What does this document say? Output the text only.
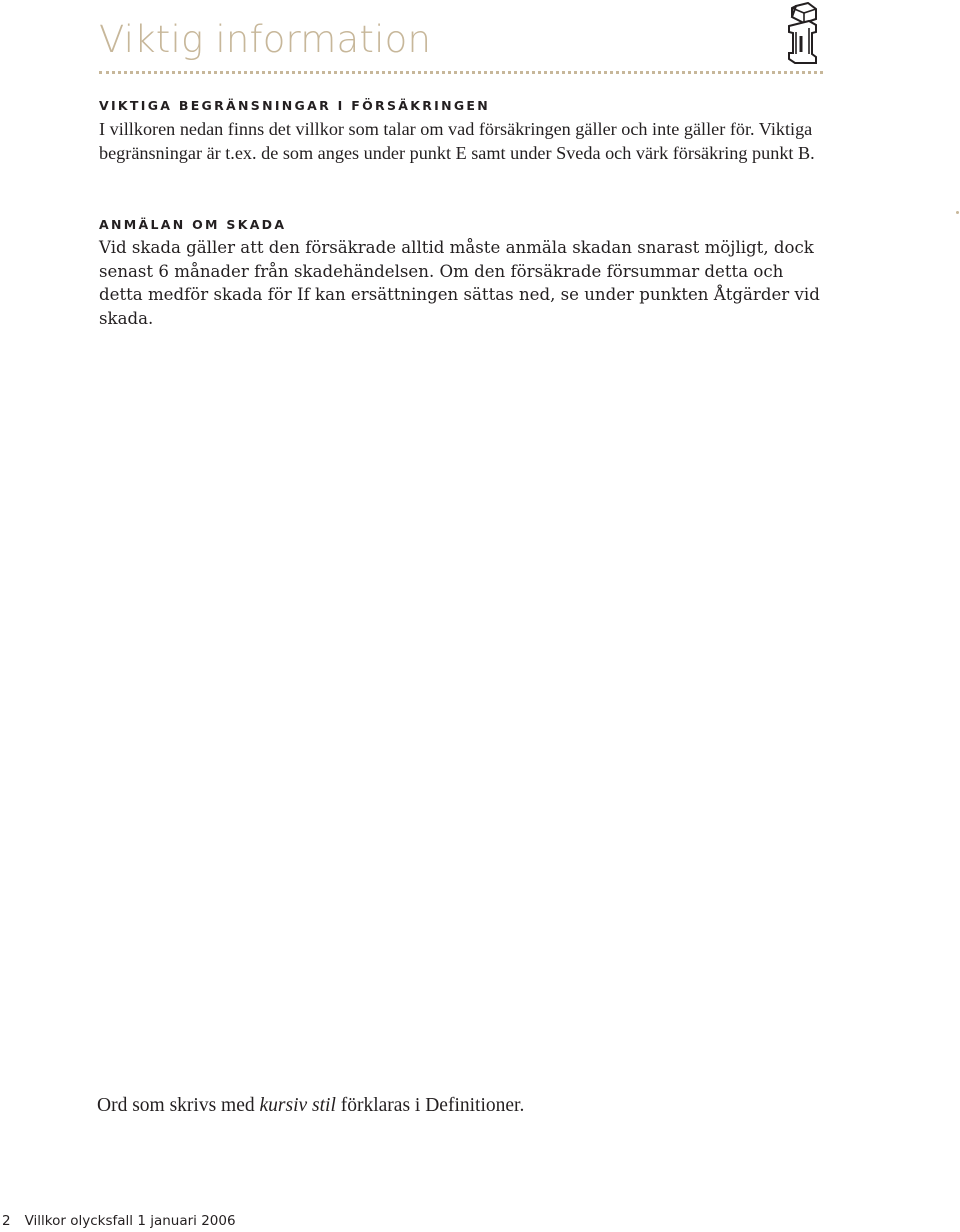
Viktig information
VIKTIGA BEGRÄNSNINGAR I FÖRSÄKRINGEN
I villkoren nedan finns det villkor som talar om vad försäkringen gäller och inte gäller för. Viktiga begränsningar är t.ex. de som anges under punkt E samt under Sveda och värk försäkring punkt B.
ANMÄLAN OM SKADA
Vid skada gäller att den försäkrade alltid måste anmäla skadan snarast möjligt, dock senast 6 månader från skadehändelsen. Om den försäkrade försummar detta och detta medför skada för If kan ersättningen sättas ned, se under punkten Åtgärder vid skada.
Ord som skrivs med kursiv stil förklaras i Definitioner.
2 Villkor olycksfall 1 januari 2006
